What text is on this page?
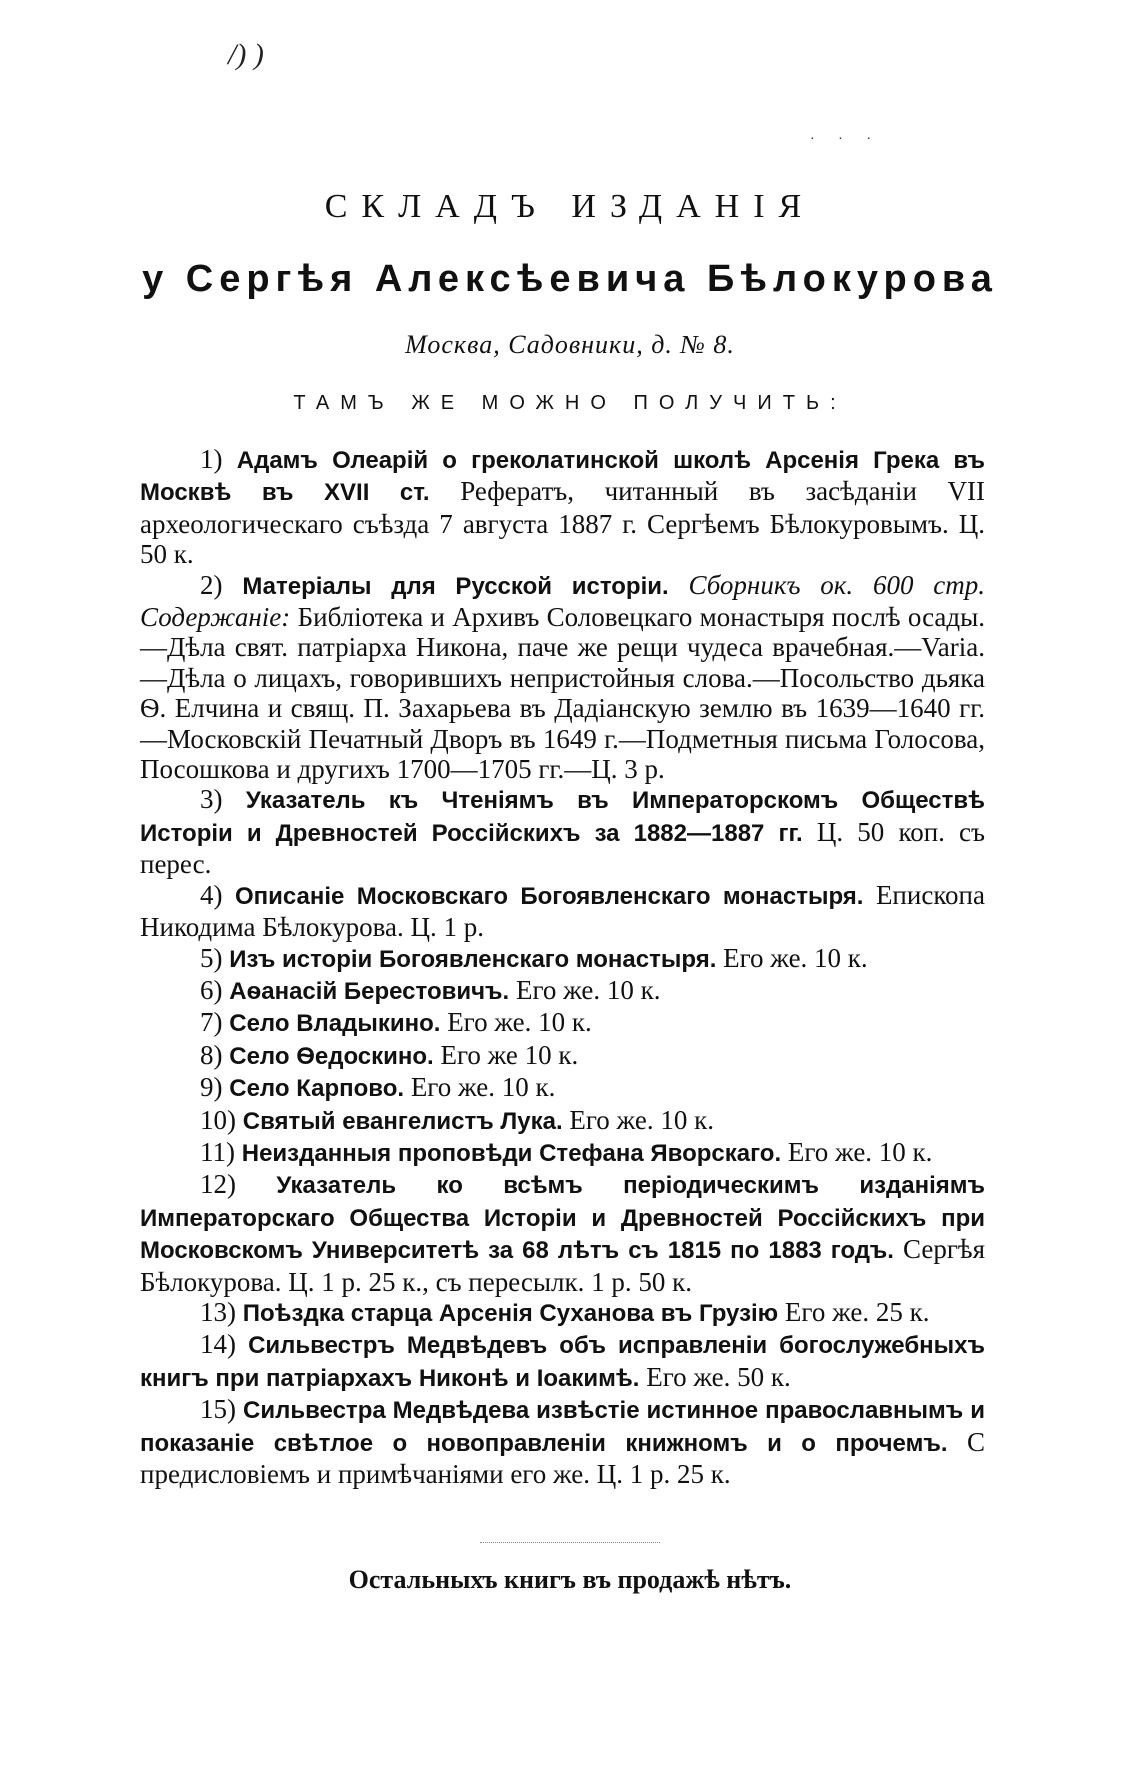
/) )
· · ·
СКЛАДЪ ИЗДАНІЯ
у Сергѣя Алексѣевича Бѣлокурова
Москва, Садовники, д. № 8.
ТАМЪ ЖЕ МОЖНО ПОЛУЧИТЬ:

1) Адамъ Олеарій о греколатинской школѣ Арсенія Грека въ Москвѣ въ XVII ст. Рефератъ, читанный въ засѣданіи VII археологическаго съѣзда 7 августа 1887 г. Сергѣемъ Бѣлокуровымъ. Ц. 50 к.

2) Матеріалы для Русской исторіи. Сборникъ ок. 600 стр. Содержаніе: Библіотека и Архивъ Соловецкаго монастыря послѣ осады.—Дѣла свят. патріарха Никона, паче же рещи чудеса врачебная.—Varia.—Дѣла о лицахъ, говорившихъ непристойныя слова.—Посольство дьяка Ѳ. Елчина и свящ. П. Захарьева въ Дадіанскую землю въ 1639—1640 гг.—Московскій Печатный Дворъ въ 1649 г.—Подметныя письма Голосова, Посошкова и другихъ 1700—1705 гг.—Ц. 3 р.

3) Указатель къ Чтеніямъ въ Императорскомъ Обществѣ Исторіи и Древностей Россійскихъ за 1882—1887 гг. Ц. 50 коп. съ перес.

4) Описаніе Московскаго Богоявленскаго монастыря. Епископа Никодима Бѣлокурова. Ц. 1 р.

5) Изъ исторіи Богоявленскаго монастыря. Его же. 10 к.

6) Аѳанасій Берестовичъ. Его же. 10 к.

7) Село Владыкино. Его же. 10 к.

8) Село Ѳедоскино. Его же 10 к.

9) Село Карпово. Его же. 10 к.

10) Святый евангелистъ Лука. Его же. 10 к.

11) Неизданныя проповѣди Стефана Яворскаго. Его же. 10 к.

12) Указатель ко всѣмъ періодическимъ изданіямъ Императорскаго Общества Исторіи и Древностей Россійскихъ при Московскомъ Университетѣ за 68 лѣтъ съ 1815 по 1883 годъ. Сергѣя Бѣлокурова. Ц. 1 р. 25 к., съ пересылк. 1 р. 50 к.

13) Поѣздка старца Арсенія Суханова въ Грузію Его же. 25 к.

14) Сильвестръ Медвѣдевъ объ исправленіи богослужебныхъ книгъ при патріархахъ Никонѣ и Іоакимѣ. Его же. 50 к.

15) Сильвестра Медвѣдева извѣстіе истинное православнымъ и показаніе свѣтлое о новоправленіи книжномъ и о прочемъ. С предисловіемъ и примѣчаніями его же. Ц. 1 р. 25 к.

Остальныхъ книгъ въ продажѣ нѣтъ.
